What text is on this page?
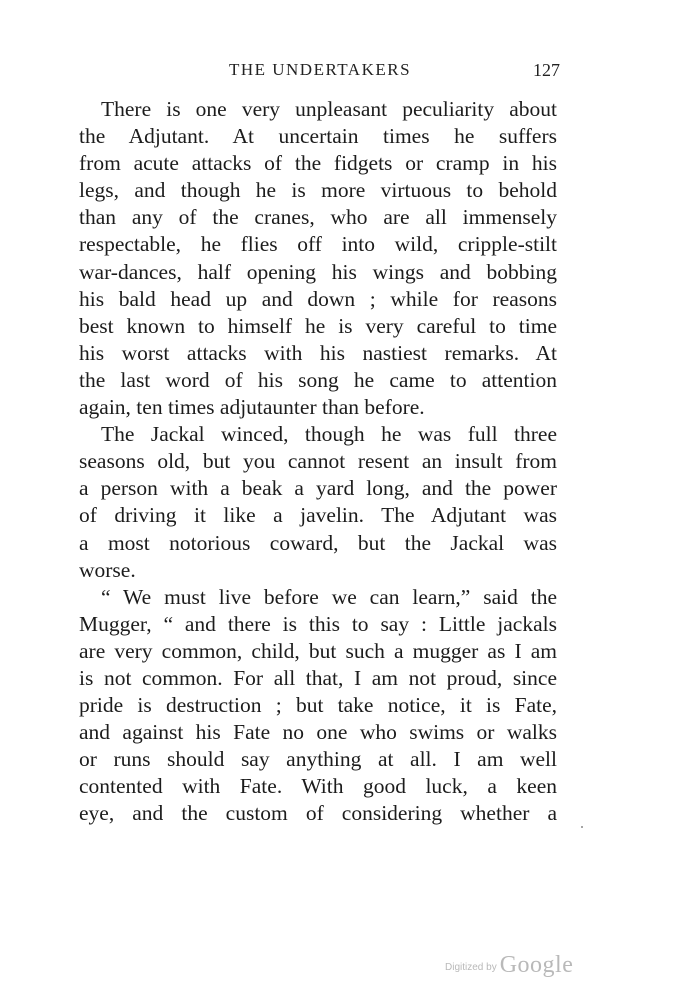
THE UNDERTAKERS	127
There is one very unpleasant peculiarity about
the Adjutant. At uncertain times he suffers
from acute attacks of the fidgets or cramp in his
legs, and though he is more virtuous to behold
than any of the cranes, who are all immensely
respectable, he flies off into wild, cripple-stilt
war-dances, half opening his wings and bobbing
his bald head up and down ; while for reasons
best known to himself he is very careful to time
his worst attacks with his nastiest remarks. At
the last word of his song he came to attention
again, ten times adjutaunter than before.
The Jackal winced, though he was full three
seasons old, but you cannot resent an insult from
a person with a beak a yard long, and the power
of driving it like a javelin. The Adjutant was
a most notorious coward, but the Jackal was
worse.
“ We must live before we can learn,” said the
Mugger, “ and there is this to say : Little jackals
are very common, child, but such a mugger as I am
is not common. For all that, I am not proud, since
pride is destruction ; but take notice, it is Fate,
and against his Fate no one who swims or walks
or runs should say anything at all. I am well
contented with Fate. With good luck, a keen
eye, and the custom of considering whether a
Digitized by Google
